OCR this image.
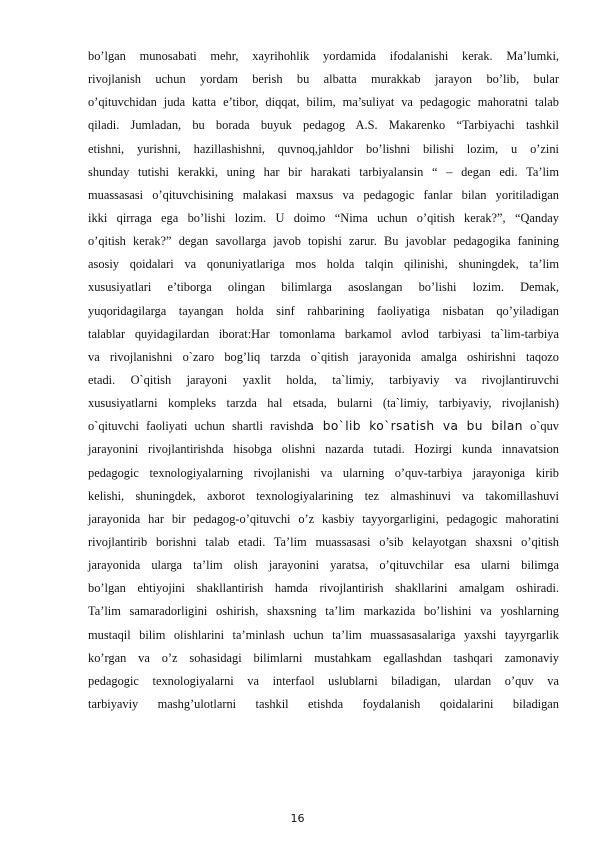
bo’lgan munosabati mehr, xayrihohlik yordamida ifodalanishi kerak. Ma’lumki,
rivojlanish uchun yordam berish bu albatta murakkab jarayon bo’lib, bular
o’qituvchidan juda katta e’tibor, diqqat, bilim, ma’suliyat va pedagogic mahoratni talab
qiladi. Jumladan, bu borada buyuk pedagog A.S. Makarenko “Tarbiyachi tashkil
etishni, yurishni, hazillashishni, quvnoq,jahldor bo’lishni bilishi lozim, u o’zini
shunday tutishi kerakki, uning har bir harakati tarbiyalansin “ – degan edi. Ta’lim
muassasasi o’qituvchisining malakasi maxsus va pedagogic fanlar bilan yoritiladigan
ikki qirraga ega bo’lishi lozim. U doimo “Nima uchun o’qitish kerak?”, “Qanday
o’qitish kerak?” degan savollarga javob topishi zarur. Bu javoblar pedagogika fanining
asosiy qoidalari va qonuniyatlariga mos holda talqin qilinishi, shuningdek, ta’lim
xususiyatlari e’tiborga olingan bilimlarga asoslangan bo’lishi lozim. Demak,
yuqoridagilarga tayangan holda sinf rahbarining faoliyatiga nisbatan qo’yiladigan
talablar quyidagilardan iborat:Har tomonlama barkamol avlod tarbiyasi ta`lim-tarbiya
va rivojlanishni o`zaro bog’liq tarzda o`qitish jarayonida amalga oshirishni taqozo
etadi. O`qitish jarayoni yaxlit holda, ta`limiy, tarbiyaviy va rivojlantiruvchi
xususiyatlarni kompleks tarzda hal etsada, bularni (ta`limiy, tarbiyaviy, rivojlanish)
o`qituvchi faoliyati uchun shartli ravishda bo`lib ko`rsatish va bu bilan o`quv
jarayonini rivojlantirishda hisobga olishni nazarda tutadi. Hozirgi kunda innavatsion
pedagogic texnologiyalarning rivojlanishi va ularning o’quv-tarbiya jarayoniga kirib
kelishi, shuningdek, axborot texnologiyalarining tez almashinuvi va takomillashuvi
jarayonida har bir pedagog-o’qituvchi o’z kasbiy tayyorgarligini, pedagogic mahoratini
rivojlantirib borishni talab etadi. Ta’lim muassasasi o’sib kelayotgan shaxsni o’qitish
jarayonida ularga ta’lim olish jarayonini yaratsa, o’qituvchilar esa ularni bilimga
bo’lgan ehtiyojini shakllantirish hamda rivojlantirish shakllarini amalgam oshiradi.
Ta’lim samaradorligini oshirish, shaxsning ta’lim markazida bo’lishini va yoshlarning
mustaqil bilim olishlarini ta’minlash uchun ta’lim muassasasalariga yaxshi tayyrgarlik
ko’rgan va o’z sohasidagi bilimlarni mustahkam egallashdan tashqari zamonaviy
pedagogic texnologiyalarni va interfaol uslublarni biladigan, ulardan o’quv va
tarbiyaviy mashg’ulotlarni tashkil etishda foydalanish qoidalarini biladigan
16
